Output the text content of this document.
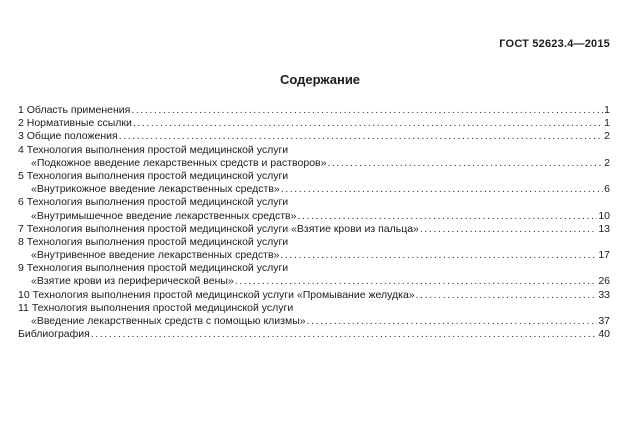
ГОСТ 52623.4—2015
Содержание
1 Область применения .....	1
2 Нормативные ссылки .....	1
3 Общие положения .....	2
4 Технология выполнения простой медицинской услуги
«Подкожное введение лекарственных средств и растворов» .....	2
5 Технология выполнения простой медицинской услуги
«Внутрикожное введение лекарственных средств» .....	6
6 Технология выполнения простой медицинской услуги
«Внутримышечное введение лекарственных средств» .....	10
7 Технология выполнения простой медицинской услуги «Взятие крови из пальца» .....	13
8 Технология выполнения простой медицинской услуги
«Внутривенное введение лекарственных средств» .....	17
9 Технология выполнения простой медицинской услуги
«Взятие крови из периферической вены» .....	26
10 Технология выполнения простой медицинской услуги «Промывание желудка» .....	33
11 Технология выполнения простой медицинской услуги
«Введение лекарственных средств с помощью клизмы» .....	37
Библиография .....	40
